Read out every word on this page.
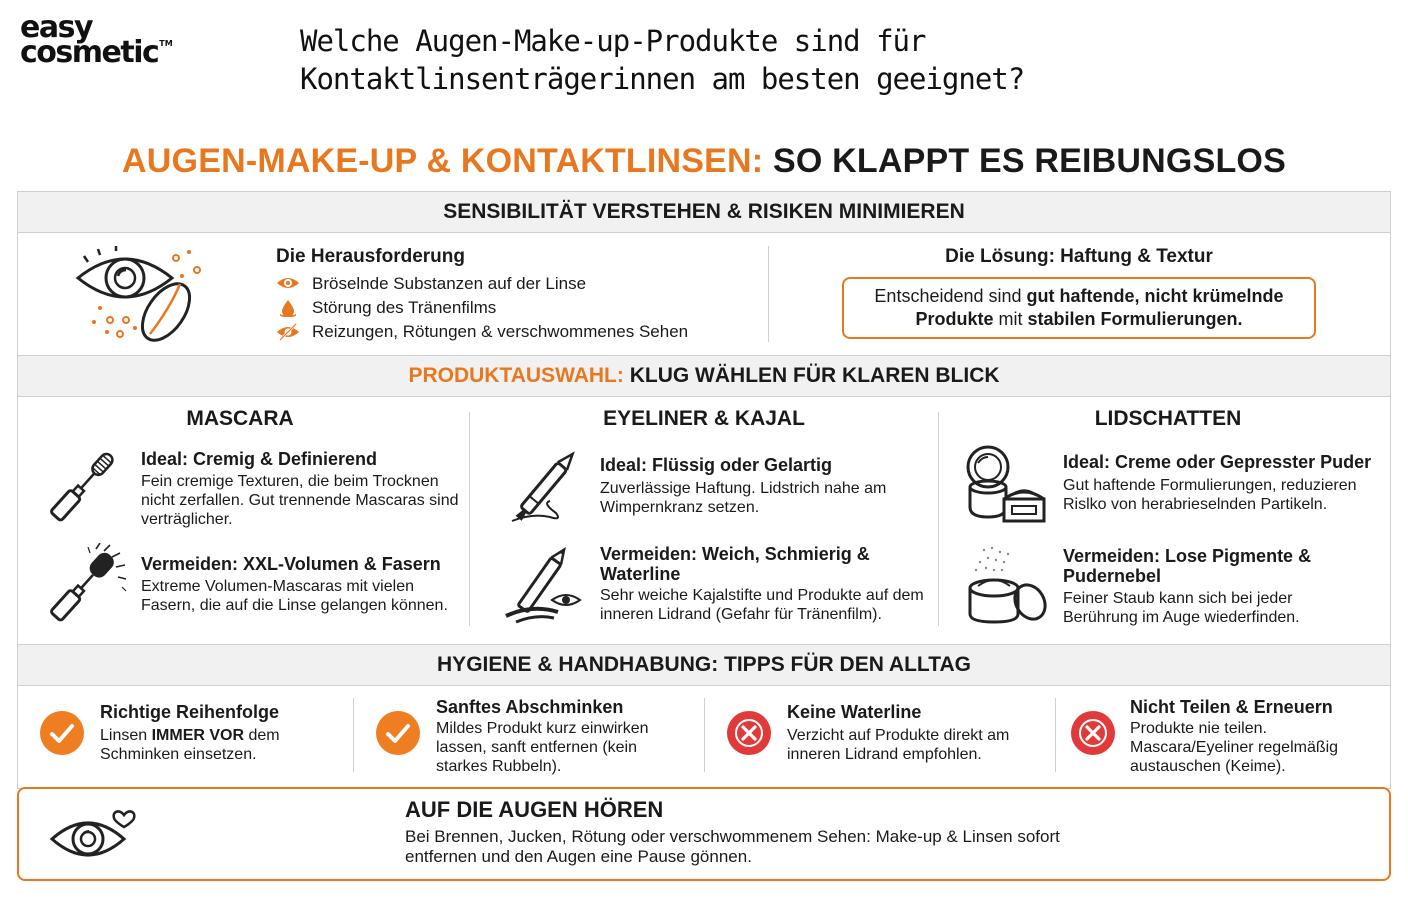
easy
cosmetic™	Welche Augen-Make-up-Produkte sind für Kontaktlinsenträgerinnen am besten geeignet?
AUGEN-MAKE-UP & KONTAKTLINSEN: SO KLAPPT ES REIBUNGSLOS
SENSIBILITÄT VERSTEHEN & RISIKEN MINIMIEREN
Die Herausforderung
Bröselnde Substanzen auf der Linse
Störung des Tränenfilms
Reizungen, Rötungen & verschwommenes Sehen
Die Lösung: Haftung & Textur
Entscheidend sind gut haftende, nicht krümelnde
Produkte mit stabilen Formulierungen.
PRODUKTAUSWAHL: KLUG WÄHLEN FÜR KLAREN BLICK
MASCARA
Ideal: Cremig & Definierend
Fein cremige Texturen, die beim Trocknen nicht zerfallen. Gut trennende Mascaras sind verträglicher.
Vermeiden: XXL-Volumen & Fasern
Extreme Volumen-Mascaras mit vielen Fasern, die auf die Linse gelangen können.
EYELINER & KAJAL
Ideal: Flüssig oder Gelartig
Zuverlässige Haftung. Lidstrich nahe am Wimpernkranz setzen.
Vermeiden: Weich, Schmierig & Waterline
Sehr weiche Kajalstifte und Produkte auf dem inneren Lidrand (Gefahr für Tränenfilm).
LIDSCHATTEN
Ideal: Creme oder Gepresster Puder
Gut haftende Formulierungen, reduzieren Rislko von herabrieselnden Partikeln.
Vermeiden: Lose Pigmente & Pudernebel
Feiner Staub kann sich bei jeder Berührung im Auge wiederfinden.
HYGIENE & HANDHABUNG: TIPPS FÜR DEN ALLTAG
Richtige Reihenfolge
Linsen IMMER VOR dem Schminken einsetzen.
Sanftes Abschminken
Mildes Produkt kurz einwirken lassen, sanft entfernen (kein starkes Rubbeln).
Keine Waterline
Verzicht auf Produkte direkt am inneren Lidrand empfohlen.
Nicht Teilen & Erneuern
Produkte nie teilen. Mascara/Eyeliner regelmäßig austauschen (Keime).
AUF DIE AUGEN HÖREN
Bei Brennen, Jucken, Rötung oder verschwommenem Sehen: Make-up & Linsen sofort entfernen und den Augen eine Pause gönnen.
